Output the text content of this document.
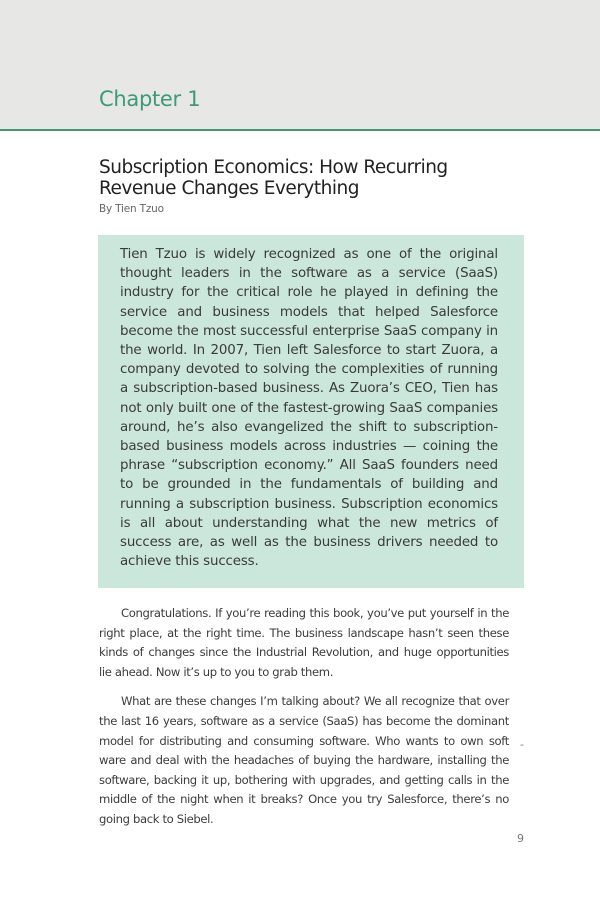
Chapter 1
Subscription Economics: How Recurring Revenue Changes Everything
By Tien Tzuo

Tien Tzuo is widely recognized as one of the original thought leaders in the software as a service (SaaS) industry for the critical role he played in defining the service and business models that helped Salesforce become the most successful enterprise SaaS company in the world. In 2007, Tien left Salesforce to start Zuora, a company devoted to solving the complexities of running a subscription-based business. As Zuora’s CEO, Tien has not only built one of the fastest-growing SaaS companies around, he’s also evangelized the shift to subscription-based business models across industries — coining the phrase “subscription economy.” All SaaS founders need to be grounded in the fundamentals of building and running a subscription business. Subscription economics is all about understanding what the new metrics of success are, as well as the business drivers needed to achieve this success.

Congratulations. If you’re reading this book, you’ve put yourself in the right place, at the right time. The business landscape hasn’t seen these kinds of changes since the Industrial Revolution, and huge opportunities lie ahead. Now it’s up to you to grab them.

What are these changes I’m talking about? We all recognize that over the last 16 years, software as a service (SaaS) has become the dominant model for distributing and consuming software. Who wants to own soft ware and deal with the headaches of buying the hardware, installing the software, backing it up, bothering with upgrades, and getting calls in the middle of the night when it breaks? Once you try Salesforce, there’s no going back to Siebel.

-
9
